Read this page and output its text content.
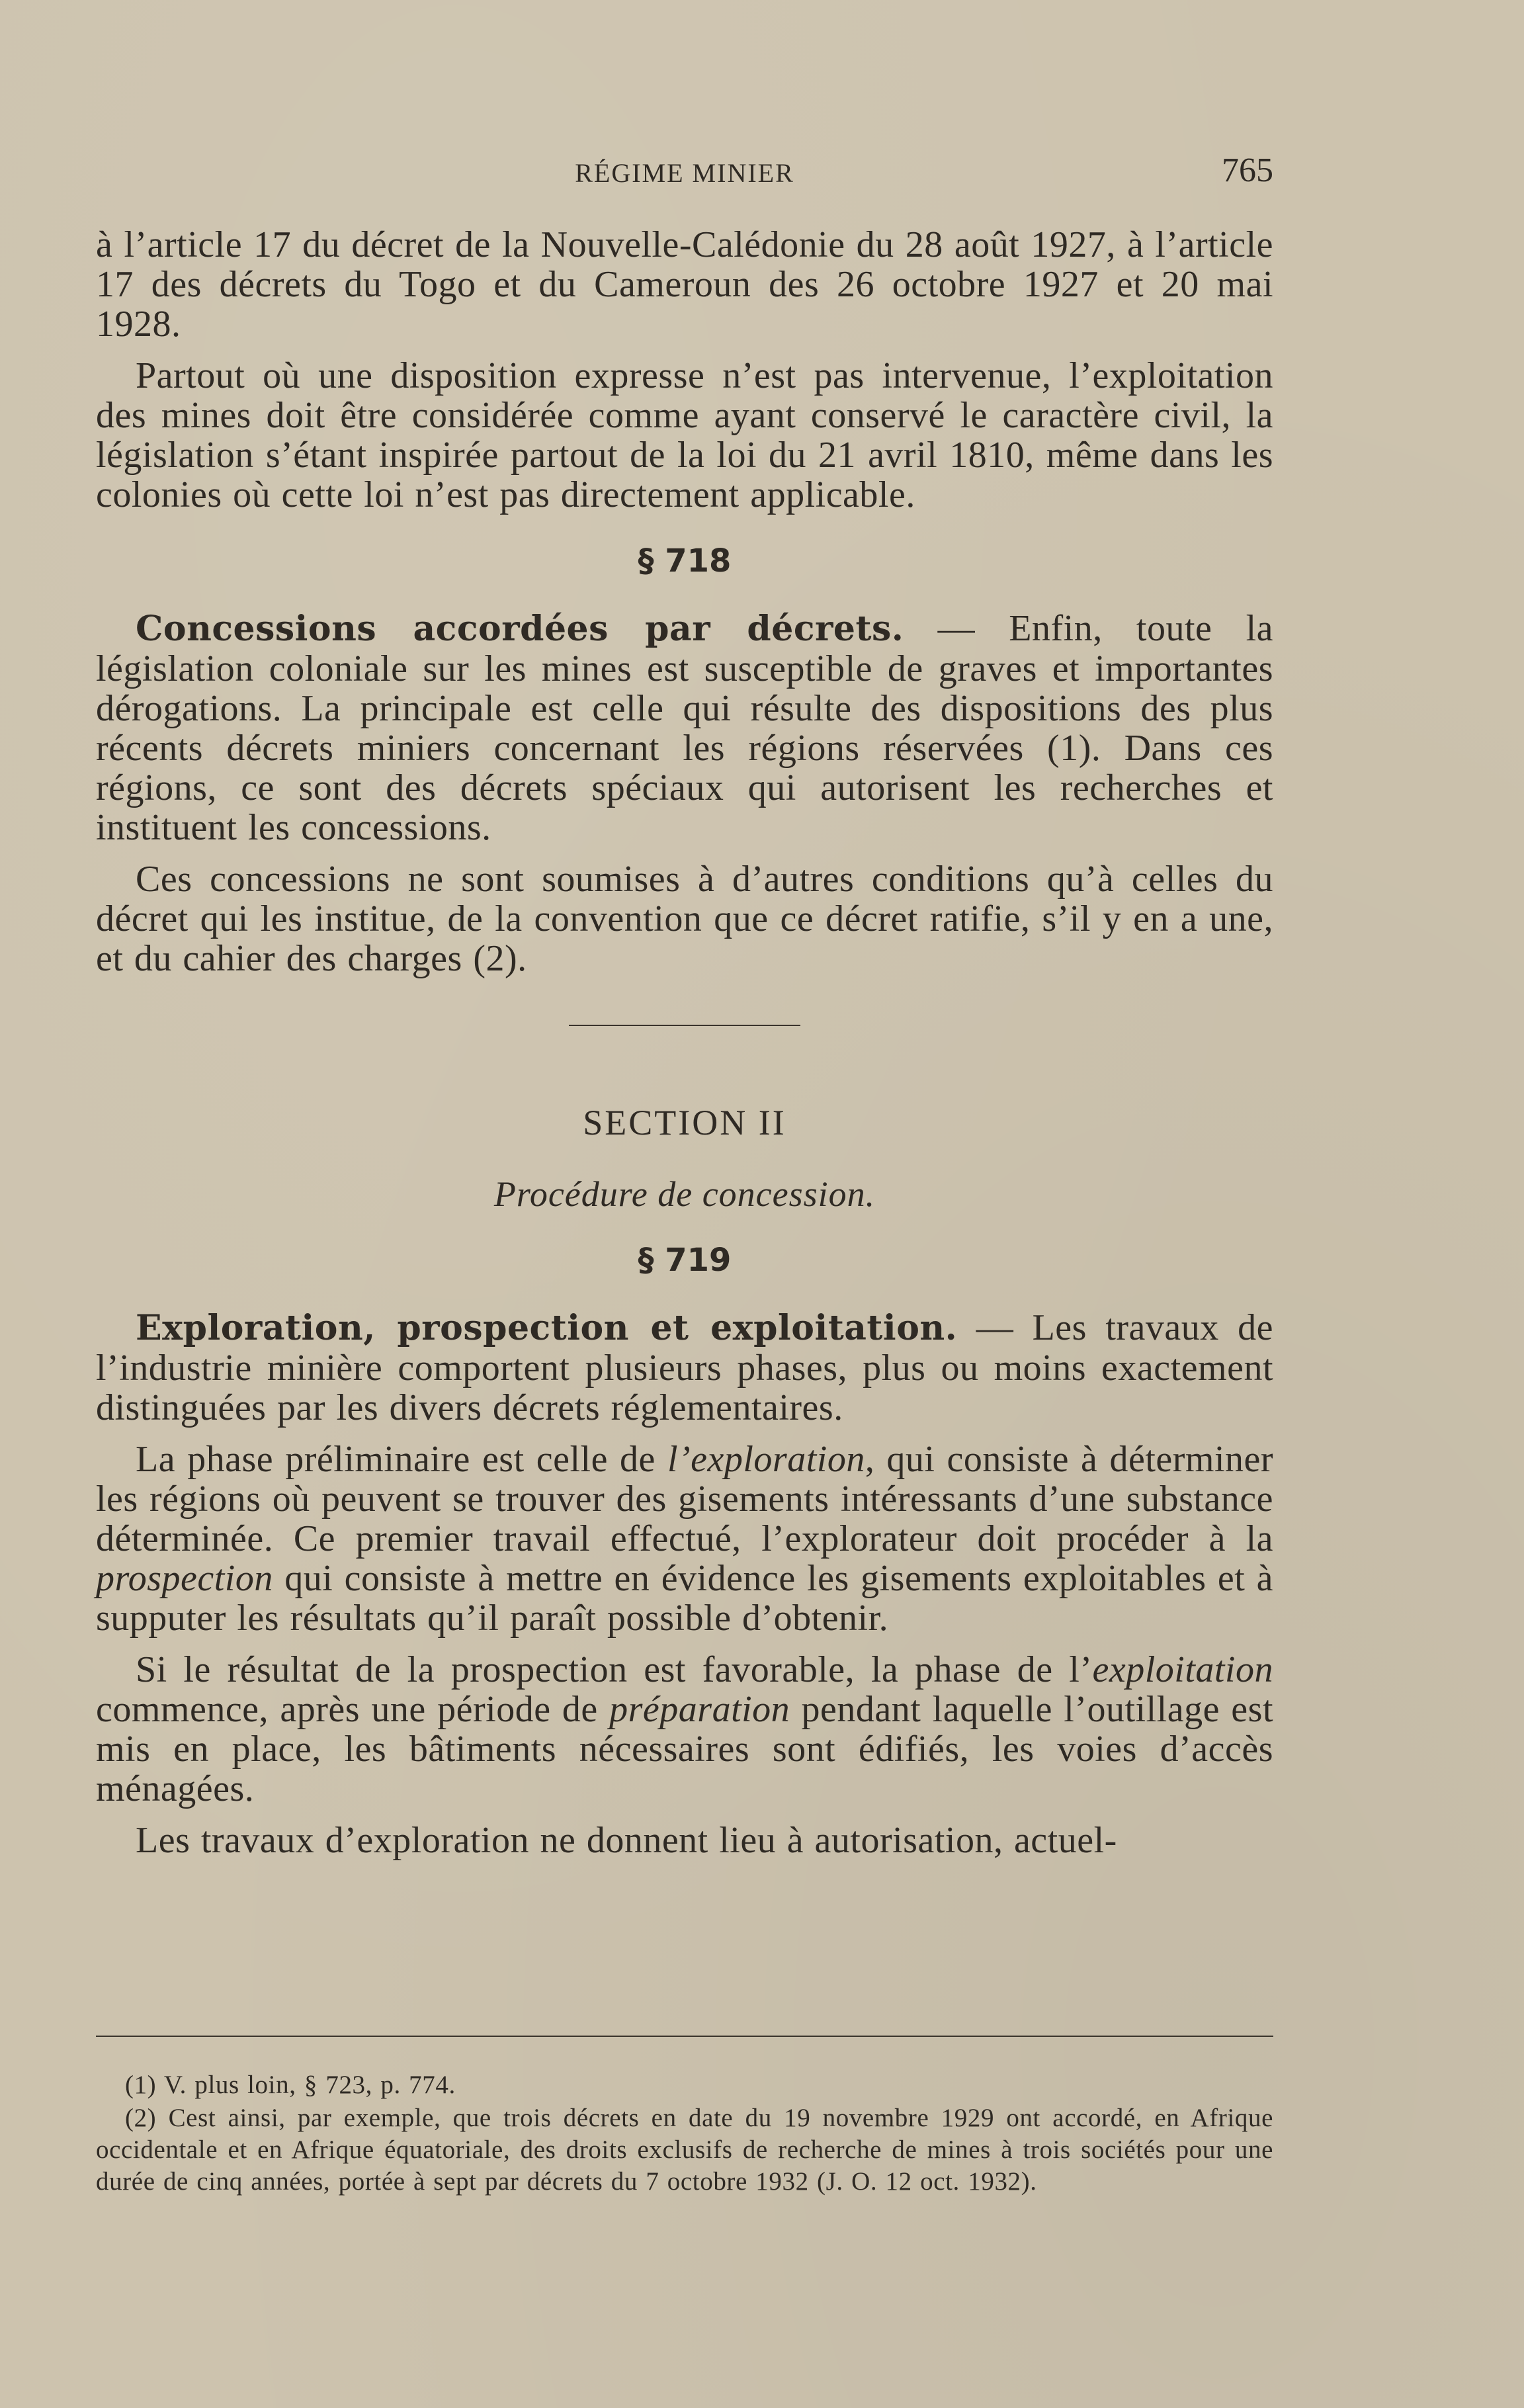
RÉGIME MINIER	765

à l’article 17 du décret de la Nouvelle-Calédonie du 28 août 1927, à l’article 17 des décrets du Togo et du Cameroun des 26 octobre 1927 et 20 mai 1928.

Partout où une disposition expresse n’est pas intervenue, l’exploitation des mines doit être considérée comme ayant conservé le caractère civil, la législation s’étant inspirée partout de la loi du 21 avril 1810, même dans les colonies où cette loi n’est pas directement applicable.

§ 718

Concessions accordées par décrets. — Enfin, toute la législation coloniale sur les mines est susceptible de graves et importantes dérogations. La principale est celle qui résulte des dispositions des plus récents décrets miniers concernant les régions réservées (1). Dans ces régions, ce sont des décrets spéciaux qui autorisent les recherches et instituent les concessions.

Ces concessions ne sont soumises à d’autres conditions qu’à celles du décret qui les institue, de la convention que ce décret ratifie, s’il y en a une, et du cahier des charges (2).

SECTION II
Procédure de concession.
§ 719

Exploration, prospection et exploitation. — Les travaux de l’industrie minière comportent plusieurs phases, plus ou moins exactement distinguées par les divers décrets réglementaires.

La phase préliminaire est celle de l’exploration, qui consiste à déterminer les régions où peuvent se trouver des gisements intéressants d’une substance déterminée. Ce premier travail effectué, l’explorateur doit procéder à la prospection qui consiste à mettre en évidence les gisements exploitables et à supputer les résultats qu’il paraît possible d’obtenir.

Si le résultat de la prospection est favorable, la phase de l’exploitation commence, après une période de préparation pendant laquelle l’outillage est mis en place, les bâtiments nécessaires sont édifiés, les voies d’accès ménagées.

Les travaux d’exploration ne donnent lieu à autorisation, actuel-

(1) V. plus loin, § 723, p. 774.

(2) Cest ainsi, par exemple, que trois décrets en date du 19 novembre 1929 ont accordé, en Afrique occidentale et en Afrique équatoriale, des droits exclusifs de recherche de mines à trois sociétés pour une durée de cinq années, portée à sept par décrets du 7 octobre 1932 (J. O. 12 oct. 1932).
